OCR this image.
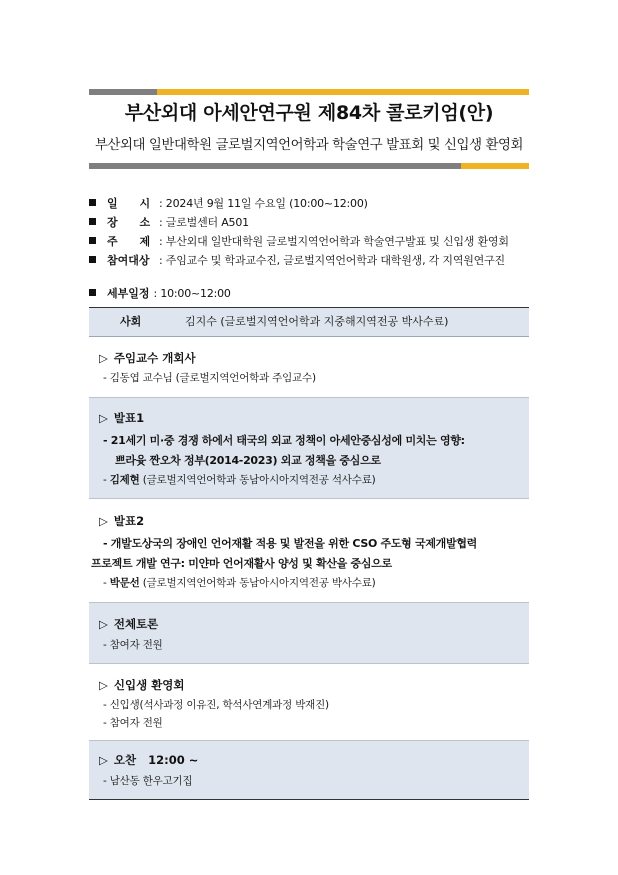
부산외대 아세안연구원 제84차 콜로키엄(안)
부산외대 일반대학원 글로벌지역언어학과 학술연구 발표회 및 신입생 환영회
일 시: 2024년 9월 11일 수요일 (10:00~12:00)
장 소: 글로벌센터 A501
주 제: 부산외대 일반대학원 글로벌지역언어학과 학술연구발표 및 신입생 환영회
참여대상 : 주임교수 및 학과교수진, 글로벌지역언어학과 대학원생, 각 지역원연구진
세부일정 : 10:00~12:00
사회	김지수 (글로벌지역언어학과 지중해지역전공 박사수료)
▷ 주임교수 개회사
- 김동엽 교수님 (글로벌지역언어학과 주임교수)
▷ 발표1
- 21세기 미·중 경쟁 하에서 태국의 외교 정책이 아세안중심성에 미치는 영향:
쁘라윳 짠오차 정부(2014-2023) 외교 정책을 중심으로
- 김제현 (글로벌지역언어학과 동남아시아지역전공 석사수료)
▷ 발표2
- 개발도상국의 장애인 언어재활 적용 및 발전을 위한 CSO 주도형 국제개발협력
프로젝트 개발 연구: 미얀마 언어재활사 양성 및 확산을 중심으로
- 박문선 (글로벌지역언어학과 동남아시아지역전공 박사수료)
▷ 전체토론
- 참여자 전원
▷ 신입생 환영회
- 신입생(석사과정 이유진, 학석사연계과정 박재진)
- 참여자 전원
▷ 오찬   12:00 ~
- 남산동 한우고기집
